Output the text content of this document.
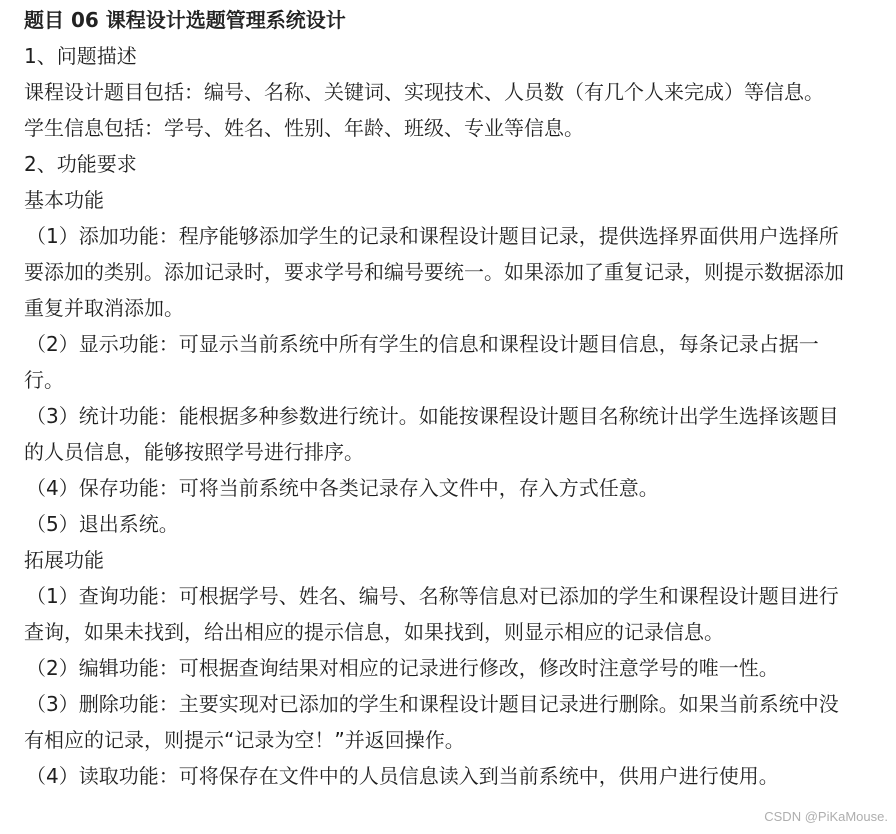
题目 06 课程设计选题管理系统设计

1、问题描述

课程设计题目包括：编号、名称、关键词、实现技术、人员数（有几个人来完成）等信息。

学生信息包括：学号、姓名、性别、年龄、班级、专业等信息。

2、功能要求

基本功能

（1）添加功能：程序能够添加学生的记录和课程设计题目记录，提供选择界面供用户选择所要添加的类别。添加记录时，要求学号和编号要统一。如果添加了重复记录，则提示数据添加重复并取消添加。

（2）显示功能：可显示当前系统中所有学生的信息和课程设计题目信息，每条记录占据一行。

（3）统计功能：能根据多种参数进行统计。如能按课程设计题目名称统计出学生选择该题目的人员信息，能够按照学号进行排序。

（4）保存功能：可将当前系统中各类记录存入文件中，存入方式任意。

（5）退出系统。

拓展功能

（1）查询功能：可根据学号、姓名、编号、名称等信息对已添加的学生和课程设计题目进行查询，如果未找到，给出相应的提示信息，如果找到，则显示相应的记录信息。

（2）编辑功能：可根据查询结果对相应的记录进行修改，修改时注意学号的唯一性。

（3）删除功能：主要实现对已添加的学生和课程设计题目记录进行删除。如果当前系统中没有相应的记录，则提示“记录为空！”并返回操作。

（4）读取功能：可将保存在文件中的人员信息读入到当前系统中，供用户进行使用。

CSDN @PiKaMouse.
